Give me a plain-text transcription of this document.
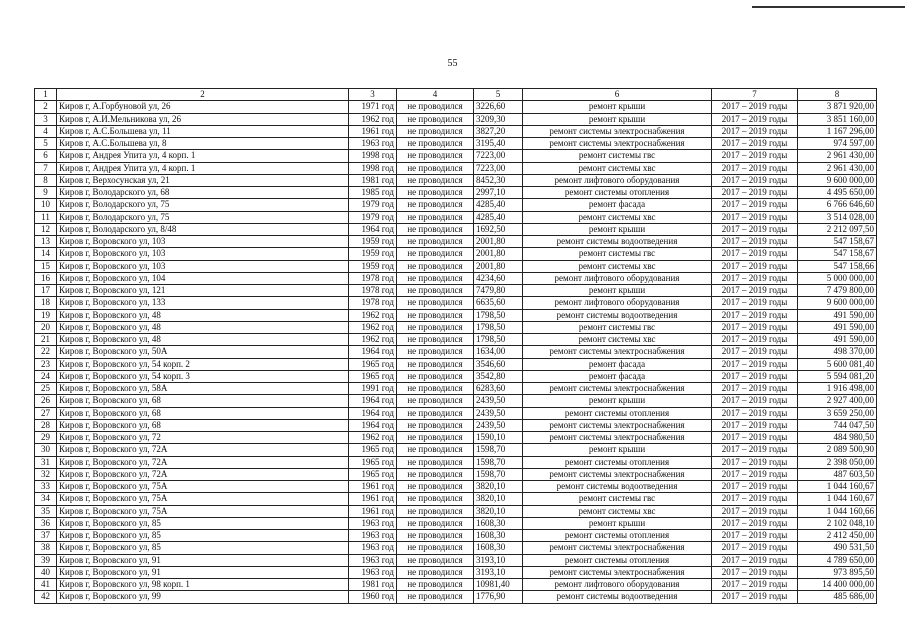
55
1	2	3	4	5	6	7	8
2	Киров г, А.Горбуновой ул, 26	1971 год	не проводился	3226,60	ремонт крыши	2017 – 2019 годы	3 871 920,00
3	Киров г, А.И.Мельникова ул, 26	1962 год	не проводился	3209,30	ремонт крыши	2017 – 2019 годы	3 851 160,00
4	Киров г, А.С.Большева ул, 11	1961 год	не проводился	3827,20	ремонт системы электроснабжения	2017 – 2019 годы	1 167 296,00
5	Киров г, А.С.Большева ул, 8	1963 год	не проводился	3195,40	ремонт системы электроснабжения	2017 – 2019 годы	974 597,00
6	Киров г, Андрея Упита ул, 4 корп. 1	1998 год	не проводился	7223,00	ремонт системы гвс	2017 – 2019 годы	2 961 430,00
7	Киров г, Андрея Упита ул, 4 корп. 1	1998 год	не проводился	7223,00	ремонт системы хвс	2017 – 2019 годы	2 961 430,00
8	Киров г, Верхосунская ул, 21	1981 год	не проводился	8452,30	ремонт лифтового оборудования	2017 – 2019 годы	9 600 000,00
9	Киров г, Володарского ул, 68	1985 год	не проводился	2997,10	ремонт системы отопления	2017 – 2019 годы	4 495 650,00
10	Киров г, Володарского ул, 75	1979 год	не проводился	4285,40	ремонт фасада	2017 – 2019 годы	6 766 646,60
11	Киров г, Володарского ул, 75	1979 год	не проводился	4285,40	ремонт системы хвс	2017 – 2019 годы	3 514 028,00
12	Киров г, Володарского ул, 8/48	1964 год	не проводился	1692,50	ремонт крыши	2017 – 2019 годы	2 212 097,50
13	Киров г, Воровского ул, 103	1959 год	не проводился	2001,80	ремонт системы водоотведения	2017 – 2019 годы	547 158,67
14	Киров г, Воровского ул, 103	1959 год	не проводился	2001,80	ремонт системы гвс	2017 – 2019 годы	547 158,67
15	Киров г, Воровского ул, 103	1959 год	не проводился	2001,80	ремонт системы хвс	2017 – 2019 годы	547 158,66
16	Киров г, Воровского ул, 104	1978 год	не проводился	4234,60	ремонт лифтового оборудования	2017 – 2019 годы	5 000 000,00
17	Киров г, Воровского ул, 121	1978 год	не проводился	7479,80	ремонт крыши	2017 – 2019 годы	7 479 800,00
18	Киров г, Воровского ул, 133	1978 год	не проводился	6635,60	ремонт лифтового оборудования	2017 – 2019 годы	9 600 000,00
19	Киров г, Воровского ул, 48	1962 год	не проводился	1798,50	ремонт системы водоотведения	2017 – 2019 годы	491 590,00
20	Киров г, Воровского ул, 48	1962 год	не проводился	1798,50	ремонт системы гвс	2017 – 2019 годы	491 590,00
21	Киров г, Воровского ул, 48	1962 год	не проводился	1798,50	ремонт системы хвс	2017 – 2019 годы	491 590,00
22	Киров г, Воровского ул, 50А	1964 год	не проводился	1634,00	ремонт системы электроснабжения	2017 – 2019 годы	498 370,00
23	Киров г, Воровского ул, 54 корп. 2	1965 год	не проводился	3546,60	ремонт фасада	2017 – 2019 годы	5 600 081,40
24	Киров г, Воровского ул, 54 корп. 3	1965 год	не проводился	3542,80	ремонт фасада	2017 – 2019 годы	5 594 081,20
25	Киров г, Воровского ул, 58А	1991 год	не проводился	6283,60	ремонт системы электроснабжения	2017 – 2019 годы	1 916 498,00
26	Киров г, Воровского ул, 68	1964 год	не проводился	2439,50	ремонт крыши	2017 – 2019 годы	2 927 400,00
27	Киров г, Воровского ул, 68	1964 год	не проводился	2439,50	ремонт системы отопления	2017 – 2019 годы	3 659 250,00
28	Киров г, Воровского ул, 68	1964 год	не проводился	2439,50	ремонт системы электроснабжения	2017 – 2019 годы	744 047,50
29	Киров г, Воровского ул, 72	1962 год	не проводился	1590,10	ремонт системы электроснабжения	2017 – 2019 годы	484 980,50
30	Киров г, Воровского ул, 72А	1965 год	не проводился	1598,70	ремонт крыши	2017 – 2019 годы	2 089 500,90
31	Киров г, Воровского ул, 72А	1965 год	не проводился	1598,70	ремонт системы отопления	2017 – 2019 годы	2 398 050,00
32	Киров г, Воровского ул, 72А	1965 год	не проводился	1598,70	ремонт системы электроснабжения	2017 – 2019 годы	487 603,50
33	Киров г, Воровского ул, 75А	1961 год	не проводился	3820,10	ремонт системы водоотведения	2017 – 2019 годы	1 044 160,67
34	Киров г, Воровского ул, 75А	1961 год	не проводился	3820,10	ремонт системы гвс	2017 – 2019 годы	1 044 160,67
35	Киров г, Воровского ул, 75А	1961 год	не проводился	3820,10	ремонт системы хвс	2017 – 2019 годы	1 044 160,66
36	Киров г, Воровского ул, 85	1963 год	не проводился	1608,30	ремонт крыши	2017 – 2019 годы	2 102 048,10
37	Киров г, Воровского ул, 85	1963 год	не проводился	1608,30	ремонт системы отопления	2017 – 2019 годы	2 412 450,00
38	Киров г, Воровского ул, 85	1963 год	не проводился	1608,30	ремонт системы электроснабжения	2017 – 2019 годы	490 531,50
39	Киров г, Воровского ул, 91	1963 год	не проводился	3193,10	ремонт системы отопления	2017 – 2019 годы	4 789 650,00
40	Киров г, Воровского ул, 91	1963 год	не проводился	3193,10	ремонт системы электроснабжения	2017 – 2019 годы	973 895,50
41	Киров г, Воровского ул, 98 корп. 1	1981 год	не проводился	10981,40	ремонт лифтового оборудования	2017 – 2019 годы	14 400 000,00
42	Киров г, Воровского ул, 99	1960 год	не проводился	1776,90	ремонт системы водоотведения	2017 – 2019 годы	485 686,00
